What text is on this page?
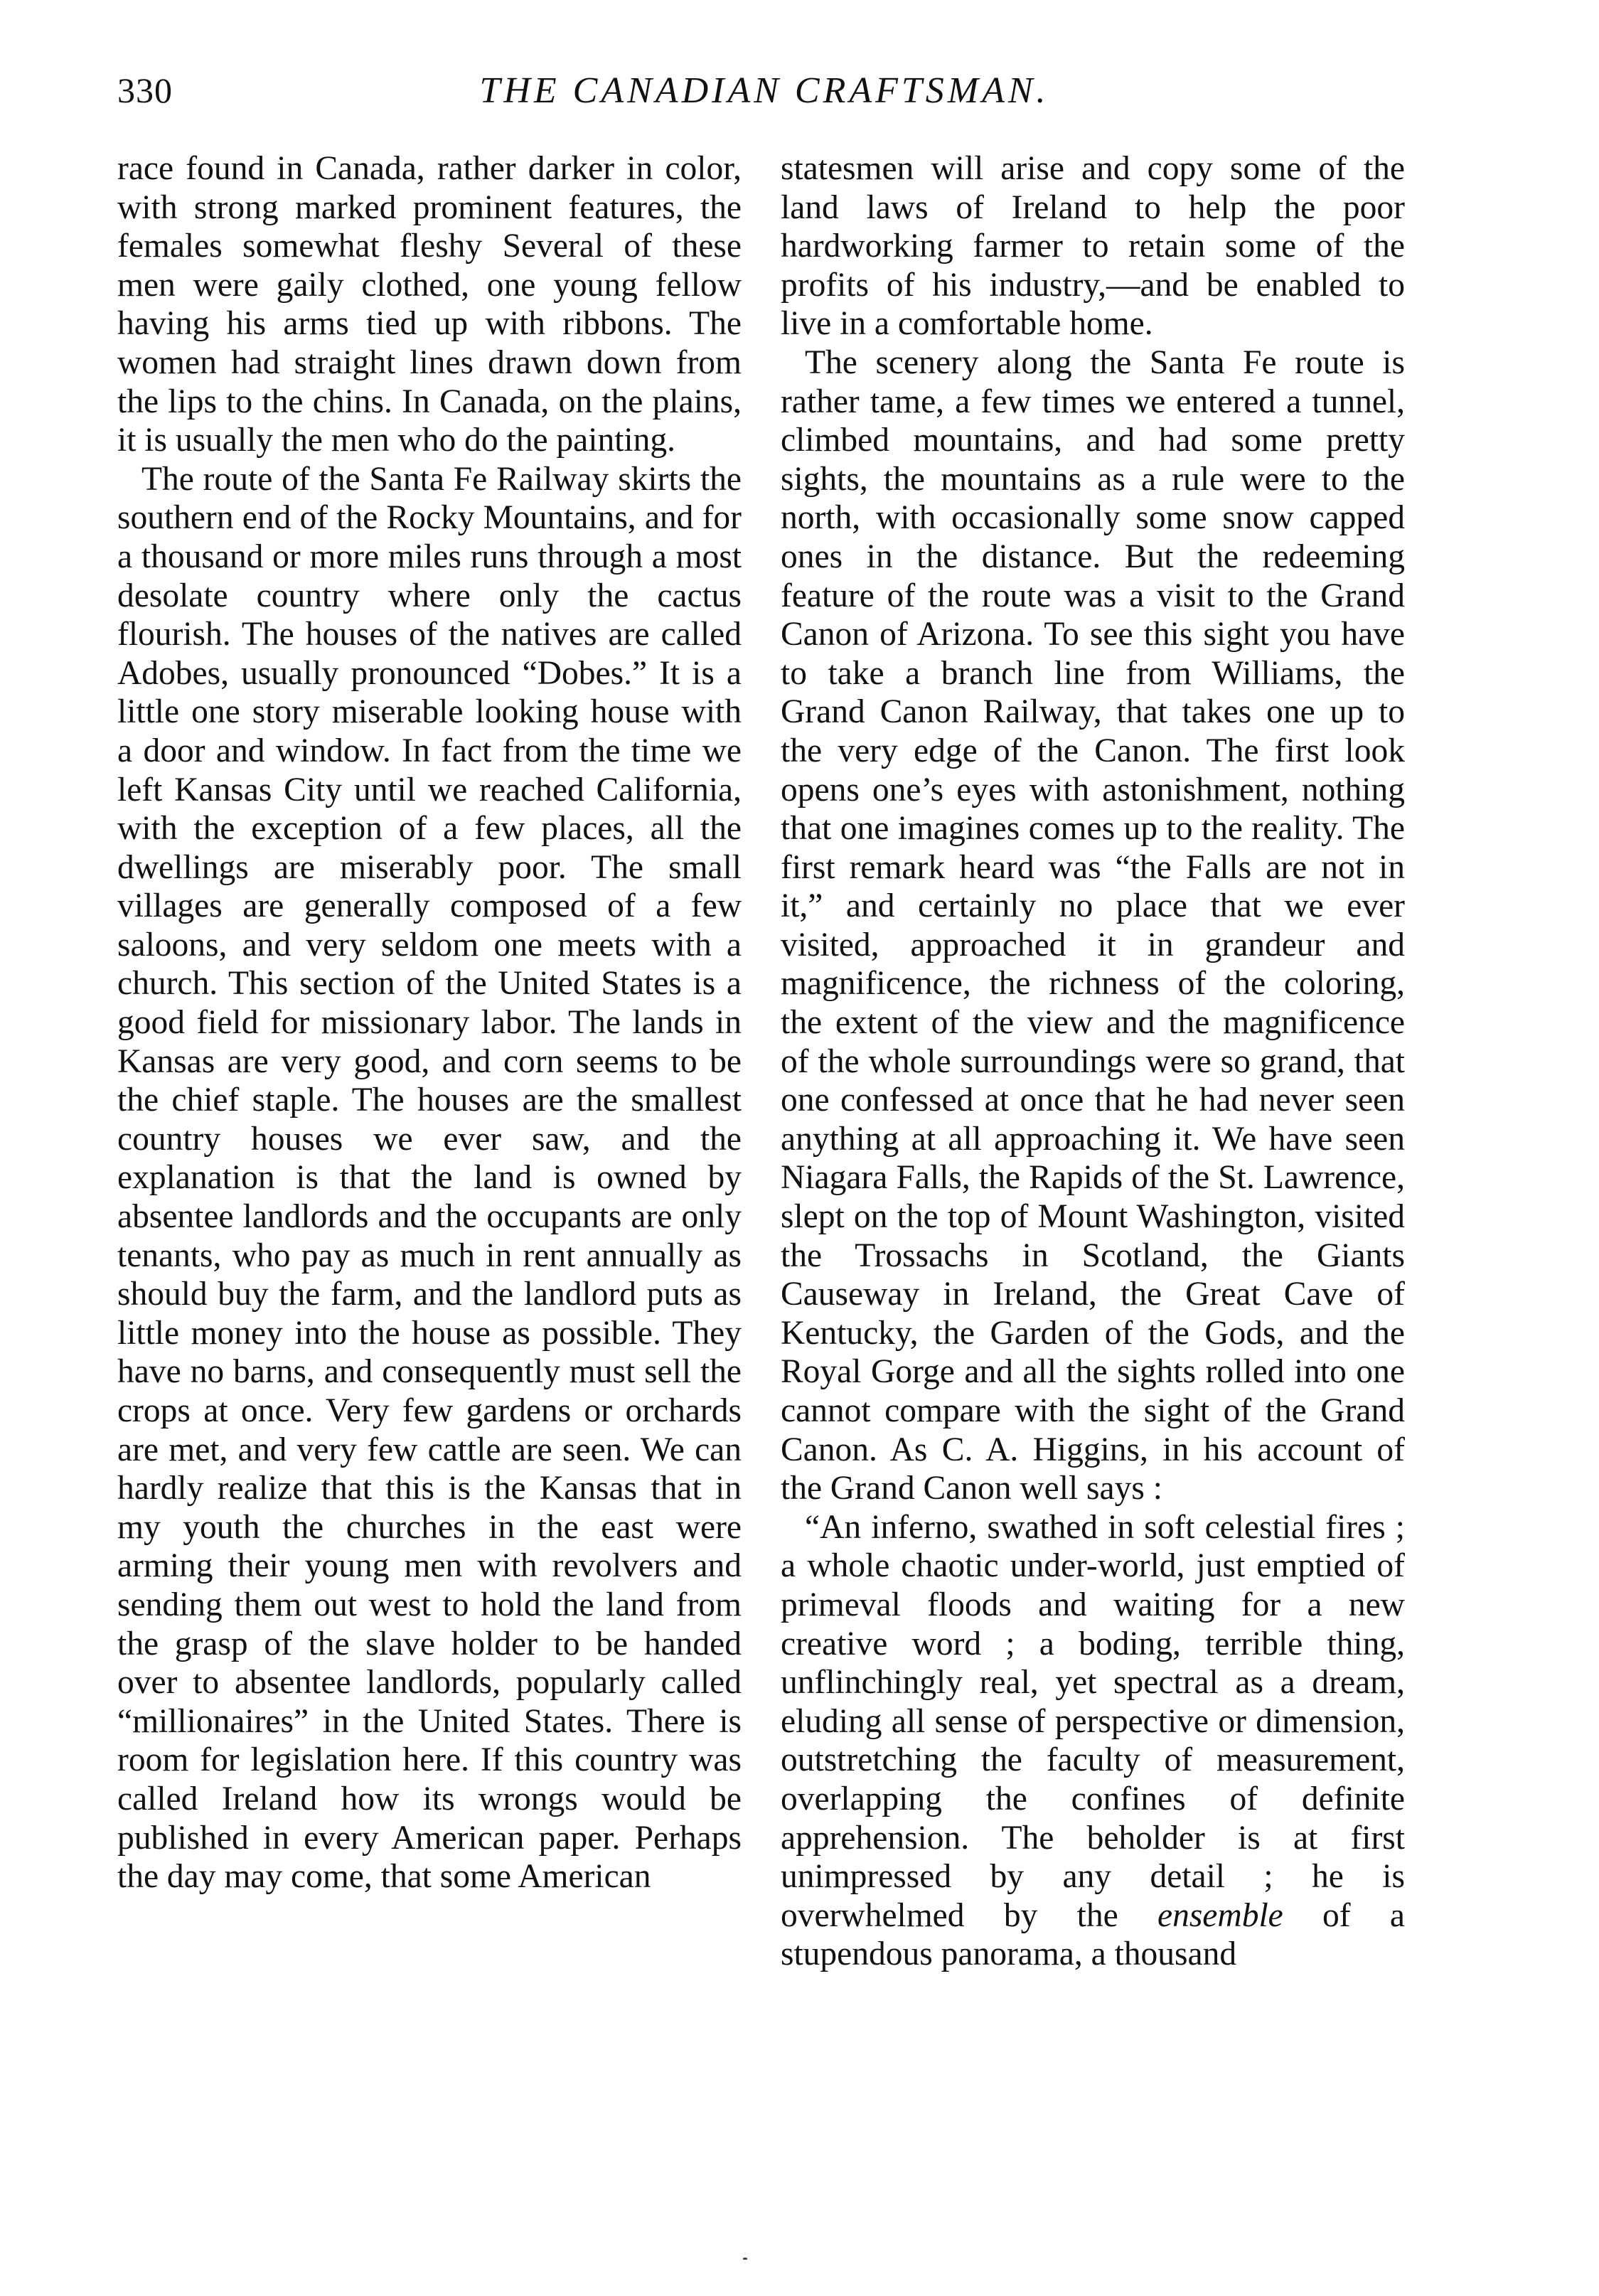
330	THE CANADIAN CRAFTSMAN.

race found in Canada, rather darker in color, with strong marked prominent features, the females somewhat fleshy Several of these men were gaily clothed, one young fellow having his arms tied up with ribbons. The women had straight lines drawn down from the lips to the chins. In Canada, on the plains, it is usually the men who do the painting.

The route of the Santa Fe Railway skirts the southern end of the Rocky Mountains, and for a thousand or more miles runs through a most desolate country where only the cactus flourish. The houses of the natives are called Adobes, usually pronounced “Dobes.” It is a little one story miserable looking house with a door and window. In fact from the time we left Kansas City until we reached California, with the exception of a few places, all the dwellings are miserably poor. The small villages are generally composed of a few saloons, and very seldom one meets with a church. This section of the United States is a good field for missionary labor. The lands in Kansas are very good, and corn seems to be the chief staple. The houses are the smallest country houses we ever saw, and the explanation is that the land is owned by absentee landlords and the occupants are only tenants, who pay as much in rent annually as should buy the farm, and the landlord puts as little money into the house as possible. They have no barns, and consequently must sell the crops at once. Very few gardens or orchards are met, and very few cattle are seen. We can hardly realize that this is the Kansas that in my youth the churches in the east were arming their young men with revolvers and sending them out west to hold the land from the grasp of the slave holder to be handed over to absentee landlords, popularly called “millionaires” in the United States. There is room for legislation here. If this country was called Ireland how its wrongs would be published in every American paper. Perhaps the day may come, that some American

statesmen will arise and copy some of the land laws of Ireland to help the poor hardworking farmer to retain some of the profits of his industry,—and be enabled to live in a comfortable home.

The scenery along the Santa Fe route is rather tame, a few times we entered a tunnel, climbed mountains, and had some pretty sights, the mountains as a rule were to the north, with occasionally some snow capped ones in the distance. But the redeeming feature of the route was a visit to the Grand Canon of Arizona. To see this sight you have to take a branch line from Williams, the Grand Canon Railway, that takes one up to the very edge of the Canon. The first look opens one’s eyes with astonishment, nothing that one imagines comes up to the reality. The first remark heard was “the Falls are not in it,” and certainly no place that we ever visited, approached it in grandeur and magnificence, the richness of the coloring, the extent of the view and the magnificence of the whole surroundings were so grand, that one confessed at once that he had never seen anything at all approaching it. We have seen Niagara Falls, the Rapids of the St. Lawrence, slept on the top of Mount Washington, visited the Trossachs in Scotland, the Giants Causeway in Ireland, the Great Cave of Kentucky, the Garden of the Gods, and the Royal Gorge and all the sights rolled into one cannot compare with the sight of the Grand Canon. As C. A. Higgins, in his account of the Grand Canon well says :

“An inferno, swathed in soft celestial fires ; a whole chaotic under-world, just emptied of primeval floods and waiting for a new creative word ; a boding, terrible thing, unflinchingly real, yet spectral as a dream, eluding all sense of perspective or dimension, outstretching the faculty of measurement, overlapping the confines of definite apprehension. The beholder is at first unimpressed by any detail ; he is overwhelmed by the ensemble of a stupendous panorama, a thousand
